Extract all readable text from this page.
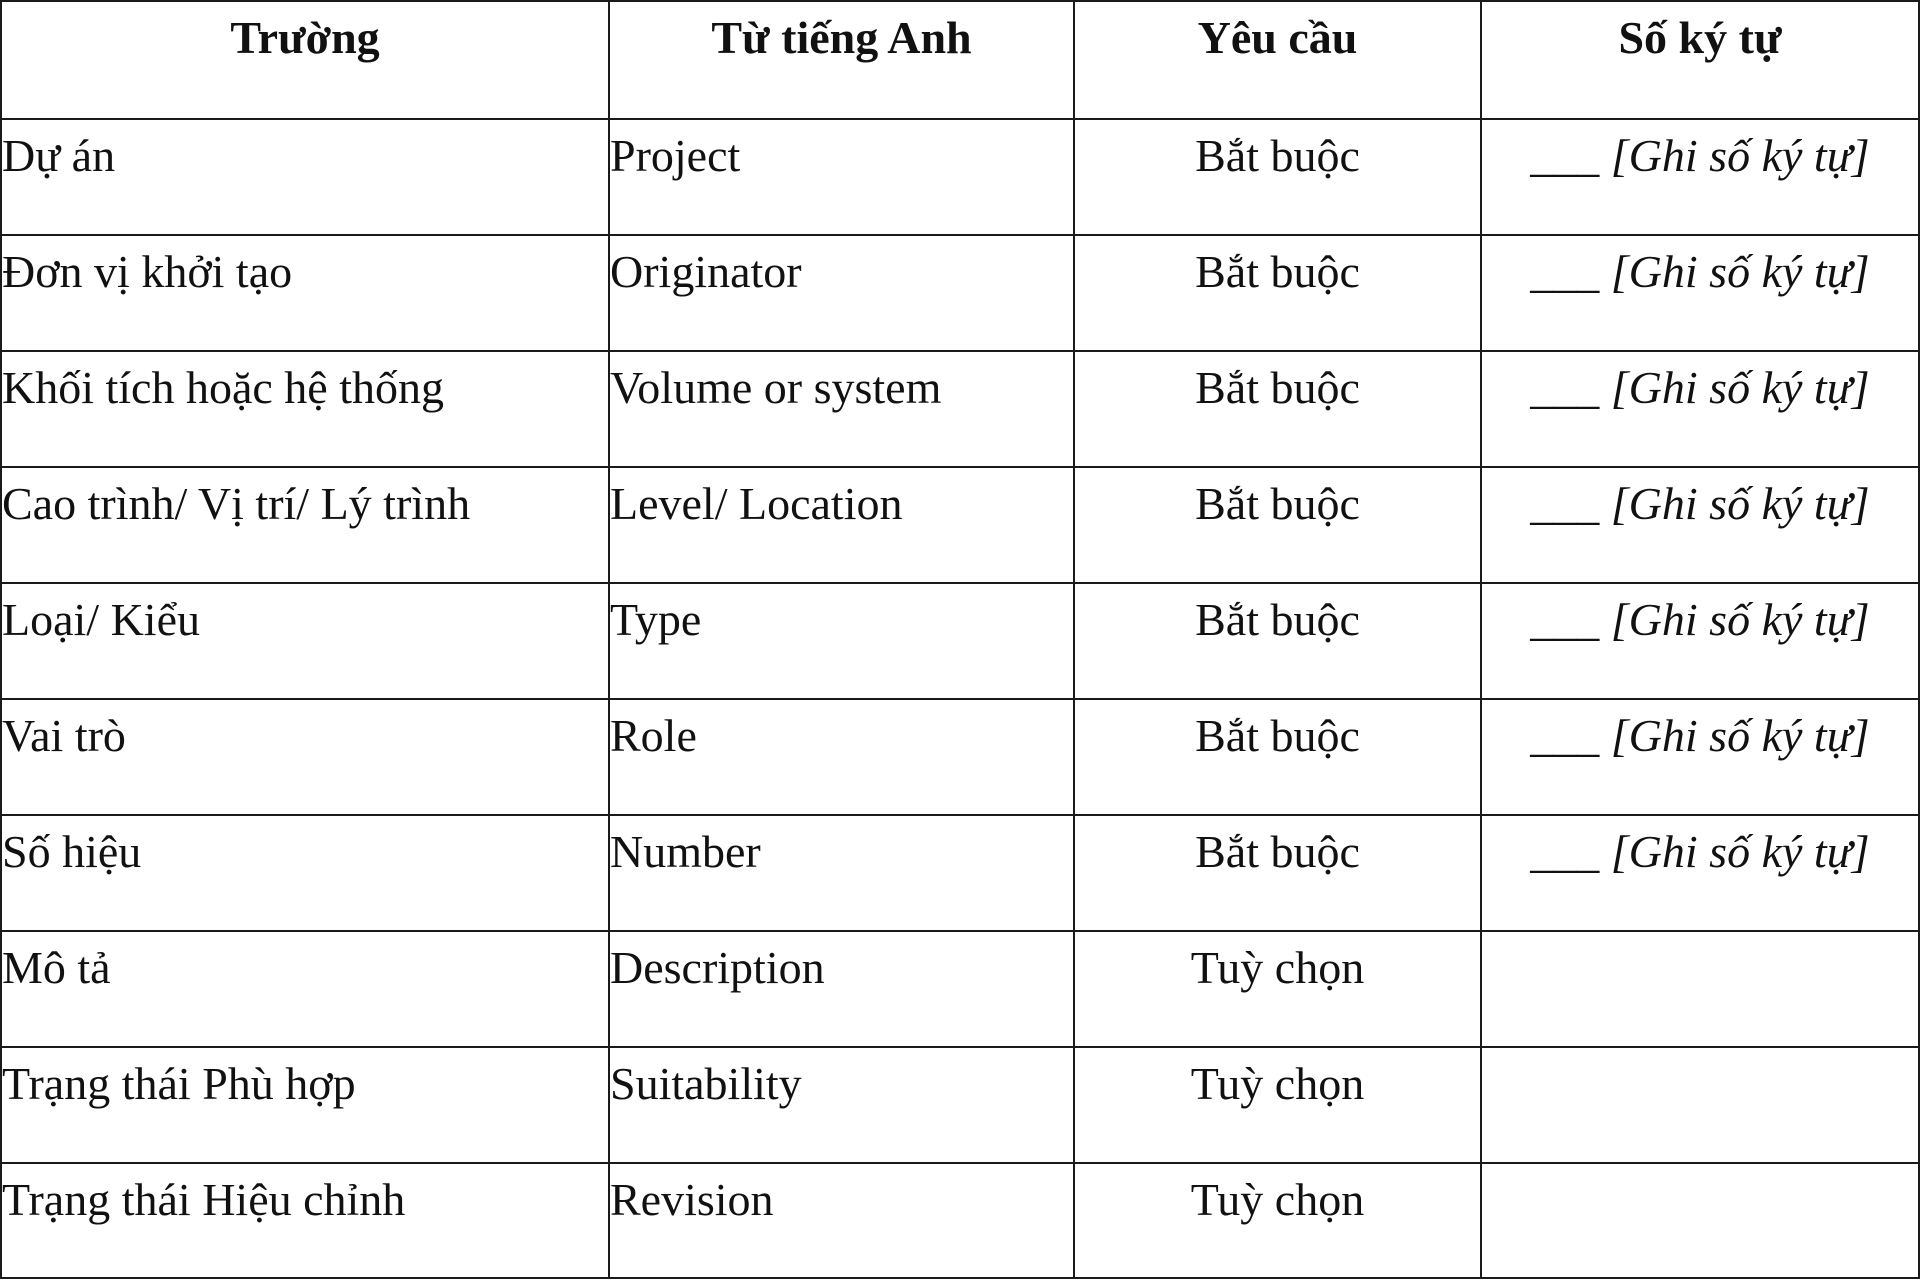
Trường	Từ tiếng Anh	Yêu cầu	Số ký tự
Dự án	Project	Bắt buộc	___ [Ghi số ký tự]
Đơn vị khởi tạo	Originator	Bắt buộc	___ [Ghi số ký tự]
Khối tích hoặc hệ thống	Volume or system	Bắt buộc	___ [Ghi số ký tự]
Cao trình/ Vị trí/ Lý trình	Level/ Location	Bắt buộc	___ [Ghi số ký tự]
Loại/ Kiểu	Type	Bắt buộc	___ [Ghi số ký tự]
Vai trò	Role	Bắt buộc	___ [Ghi số ký tự]
Số hiệu	Number	Bắt buộc	___ [Ghi số ký tự]
Mô tả	Description	Tuỳ chọn	
Trạng thái Phù hợp	Suitability	Tuỳ chọn	
Trạng thái Hiệu chỉnh	Revision	Tuỳ chọn	
